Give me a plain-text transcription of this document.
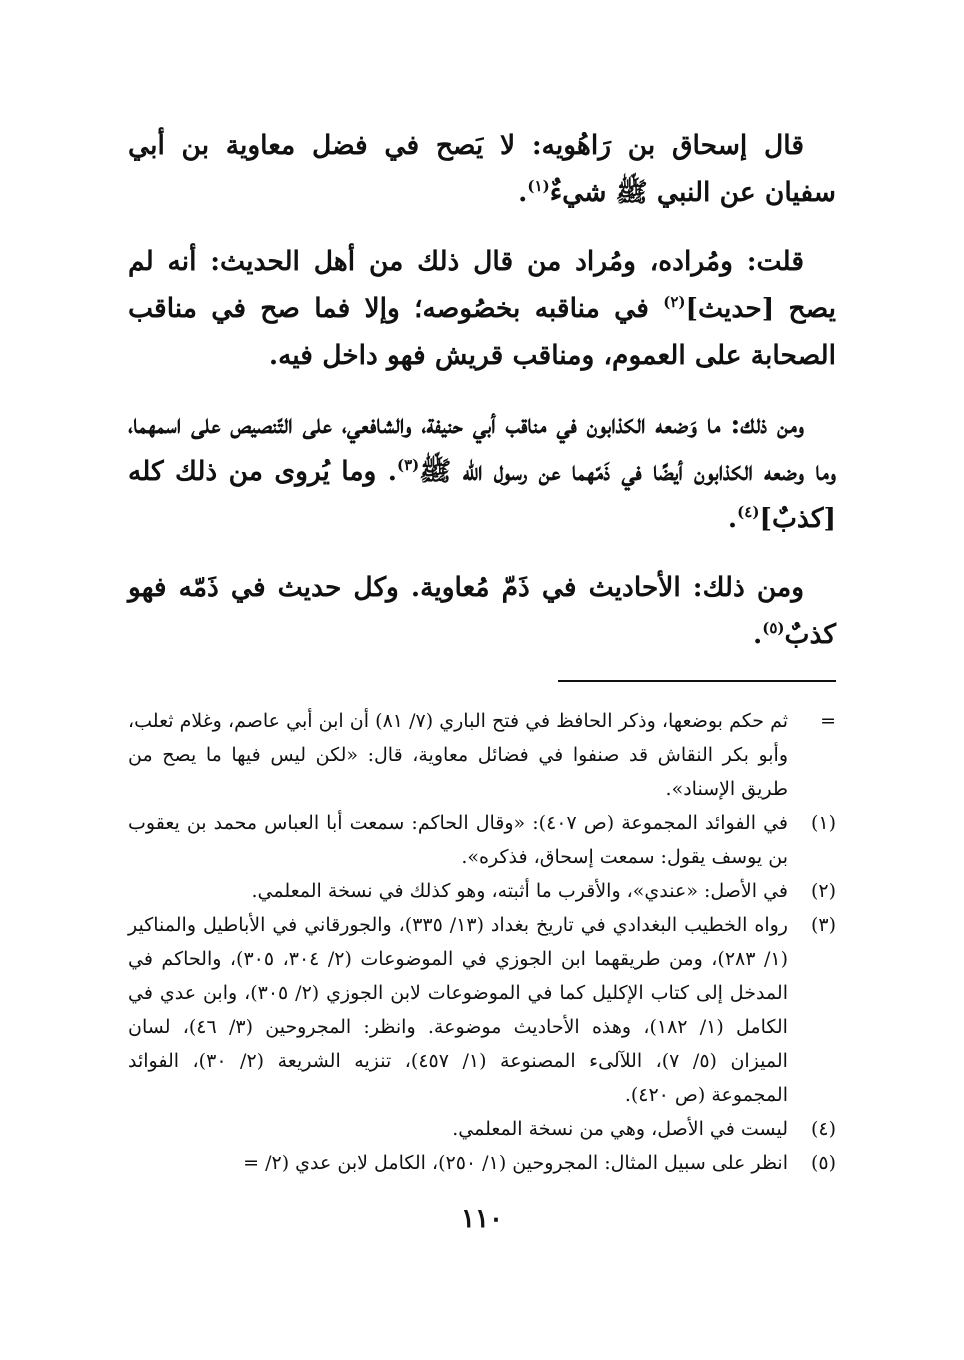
قال إسحاق بن رَاهُويه: لا يَصح في فضل معاوية بن أبي سفيان عن النبي ﷺ شيءٌ$^{(١)}$.

قلت: ومُراده، ومُراد من قال ذلك من أهل الحديث: أنه لم يصح [حديث]$^{(٢)}$ في مناقبه بخصُوصه؛ وإلا فما صح في مناقب الصحابة على العموم، ومناقب قريش فهو داخل فيه.

ومن ذلك: ما وَضعه الكذابون في مناقب أبي حنيفة، والشافعي، على التّنصيص على اسمهما، وما وضعه الكذابون أيضًا في ذَمّهما عن رسول الله ﷺ$^{(٣)}$. وما يُروى من ذلك كله [كذبٌ]$^{(٤)}$.

ومن ذلك: الأحاديث في ذَمّ مُعاوية. وكل حديث في ذَمّه فهو كذبٌ$^{(٥)}$.

=
ثم حكم بوضعها، وذكر الحافظ في فتح الباري (٧/ ٨١) أن ابن أبي عاصم، وغلام ثعلب، وأبو بكر النقاش قد صنفوا في فضائل معاوية، قال: «لكن ليس فيها ما يصح من طريق الإسناد».
(١)
في الفوائد المجموعة (ص ٤٠٧): «وقال الحاكم: سمعت أبا العباس محمد بن يعقوب بن يوسف يقول: سمعت إسحاق، فذكره».
(٢)
في الأصل: «عندي»، والأقرب ما أثبته، وهو كذلك في نسخة المعلمي.
(٣)
رواه الخطيب البغدادي في تاريخ بغداد (١٣/ ٣٣٥)، والجورقاني في الأباطيل والمناكير (١/ ٢٨٣)، ومن طريقهما ابن الجوزي في الموضوعات (٢/ ٣٠٤، ٣٠٥)، والحاكم في المدخل إلى كتاب الإكليل كما في الموضوعات لابن الجوزي (٢/ ٣٠٥)، وابن عدي في الكامل (١/ ١٨٢)، وهذه الأحاديث موضوعة. وانظر: المجروحين (٣/ ٤٦)، لسان الميزان (٥/ ٧)، اللآلىء المصنوعة (١/ ٤٥٧)، تنزيه الشريعة (٢/ ٣٠)، الفوائد المجموعة (ص ٤٢٠).
(٤)
ليست في الأصل، وهي من نسخة المعلمي.
(٥)
انظر على سبيل المثال: المجروحين (١/ ٢٥٠)، الكامل لابن عدي (٢/ =
١١٠
